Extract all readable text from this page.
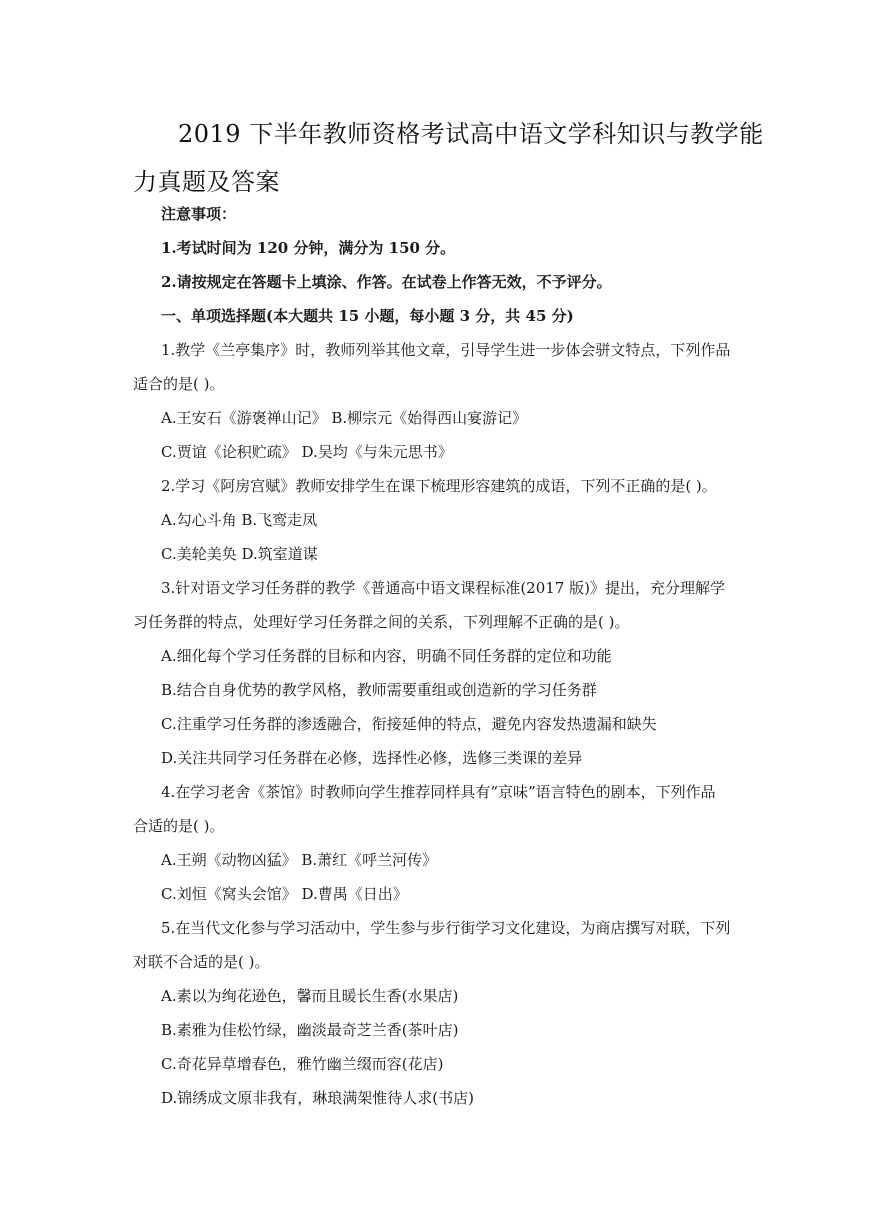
2019 下半年教师资格考试高中语文学科知识与教学能
力真题及答案
注意事项：
1.考试时间为 120 分钟，满分为 150 分。
2.请按规定在答题卡上填涂、作答。在试卷上作答无效，不予评分。
一、单项选择题(本大题共 15 小题，每小题 3 分，共 45 分)
1.教学《兰亭集序》时，教师列举其他文章，引导学生进一步体会骈文特点，下列作品
适合的是( )。
A.王安石《游褒禅山记》 B.柳宗元《始得西山宴游记》
C.贾谊《论积贮疏》 D.吴均《与朱元思书》
2.学习《阿房宫赋》教师安排学生在课下梳理形容建筑的成语，下列不正确的是( )。
A.勾心斗角 B.飞鸾走凤
C.美轮美奂 D.筑室道谋
3.针对语文学习任务群的教学《普通高中语文课程标准(2017 版)》提出，充分理解学
习任务群的特点，处理好学习任务群之间的关系，下列理解不正确的是( )。
A.细化每个学习任务群的目标和内容，明确不同任务群的定位和功能
B.结合自身优势的教学风格，教师需要重组或创造新的学习任务群
C.注重学习任务群的渗透融合，衔接延伸的特点，避免内容发热遗漏和缺失
D.关注共同学习任务群在必修，选择性必修，选修三类课的差异
4.在学习老舍《茶馆》时教师向学生推荐同样具有“京味”语言特色的剧本，下列作品
合适的是( )。
A.王朔《动物凶猛》 B.萧红《呼兰河传》
C.刘恒《窝头会馆》 D.曹禺《日出》
5.在当代文化参与学习活动中，学生参与步行街学习文化建设，为商店撰写对联，下列
对联不合适的是( )。
A.素以为绚花逊色，馨而且暖长生香(水果店)
B.素雅为佳松竹绿，幽淡最奇芝兰香(茶叶店)
C.奇花异草增春色，雅竹幽兰缀而容(花店)
D.锦绣成文原非我有，琳琅满架惟待人求(书店)
